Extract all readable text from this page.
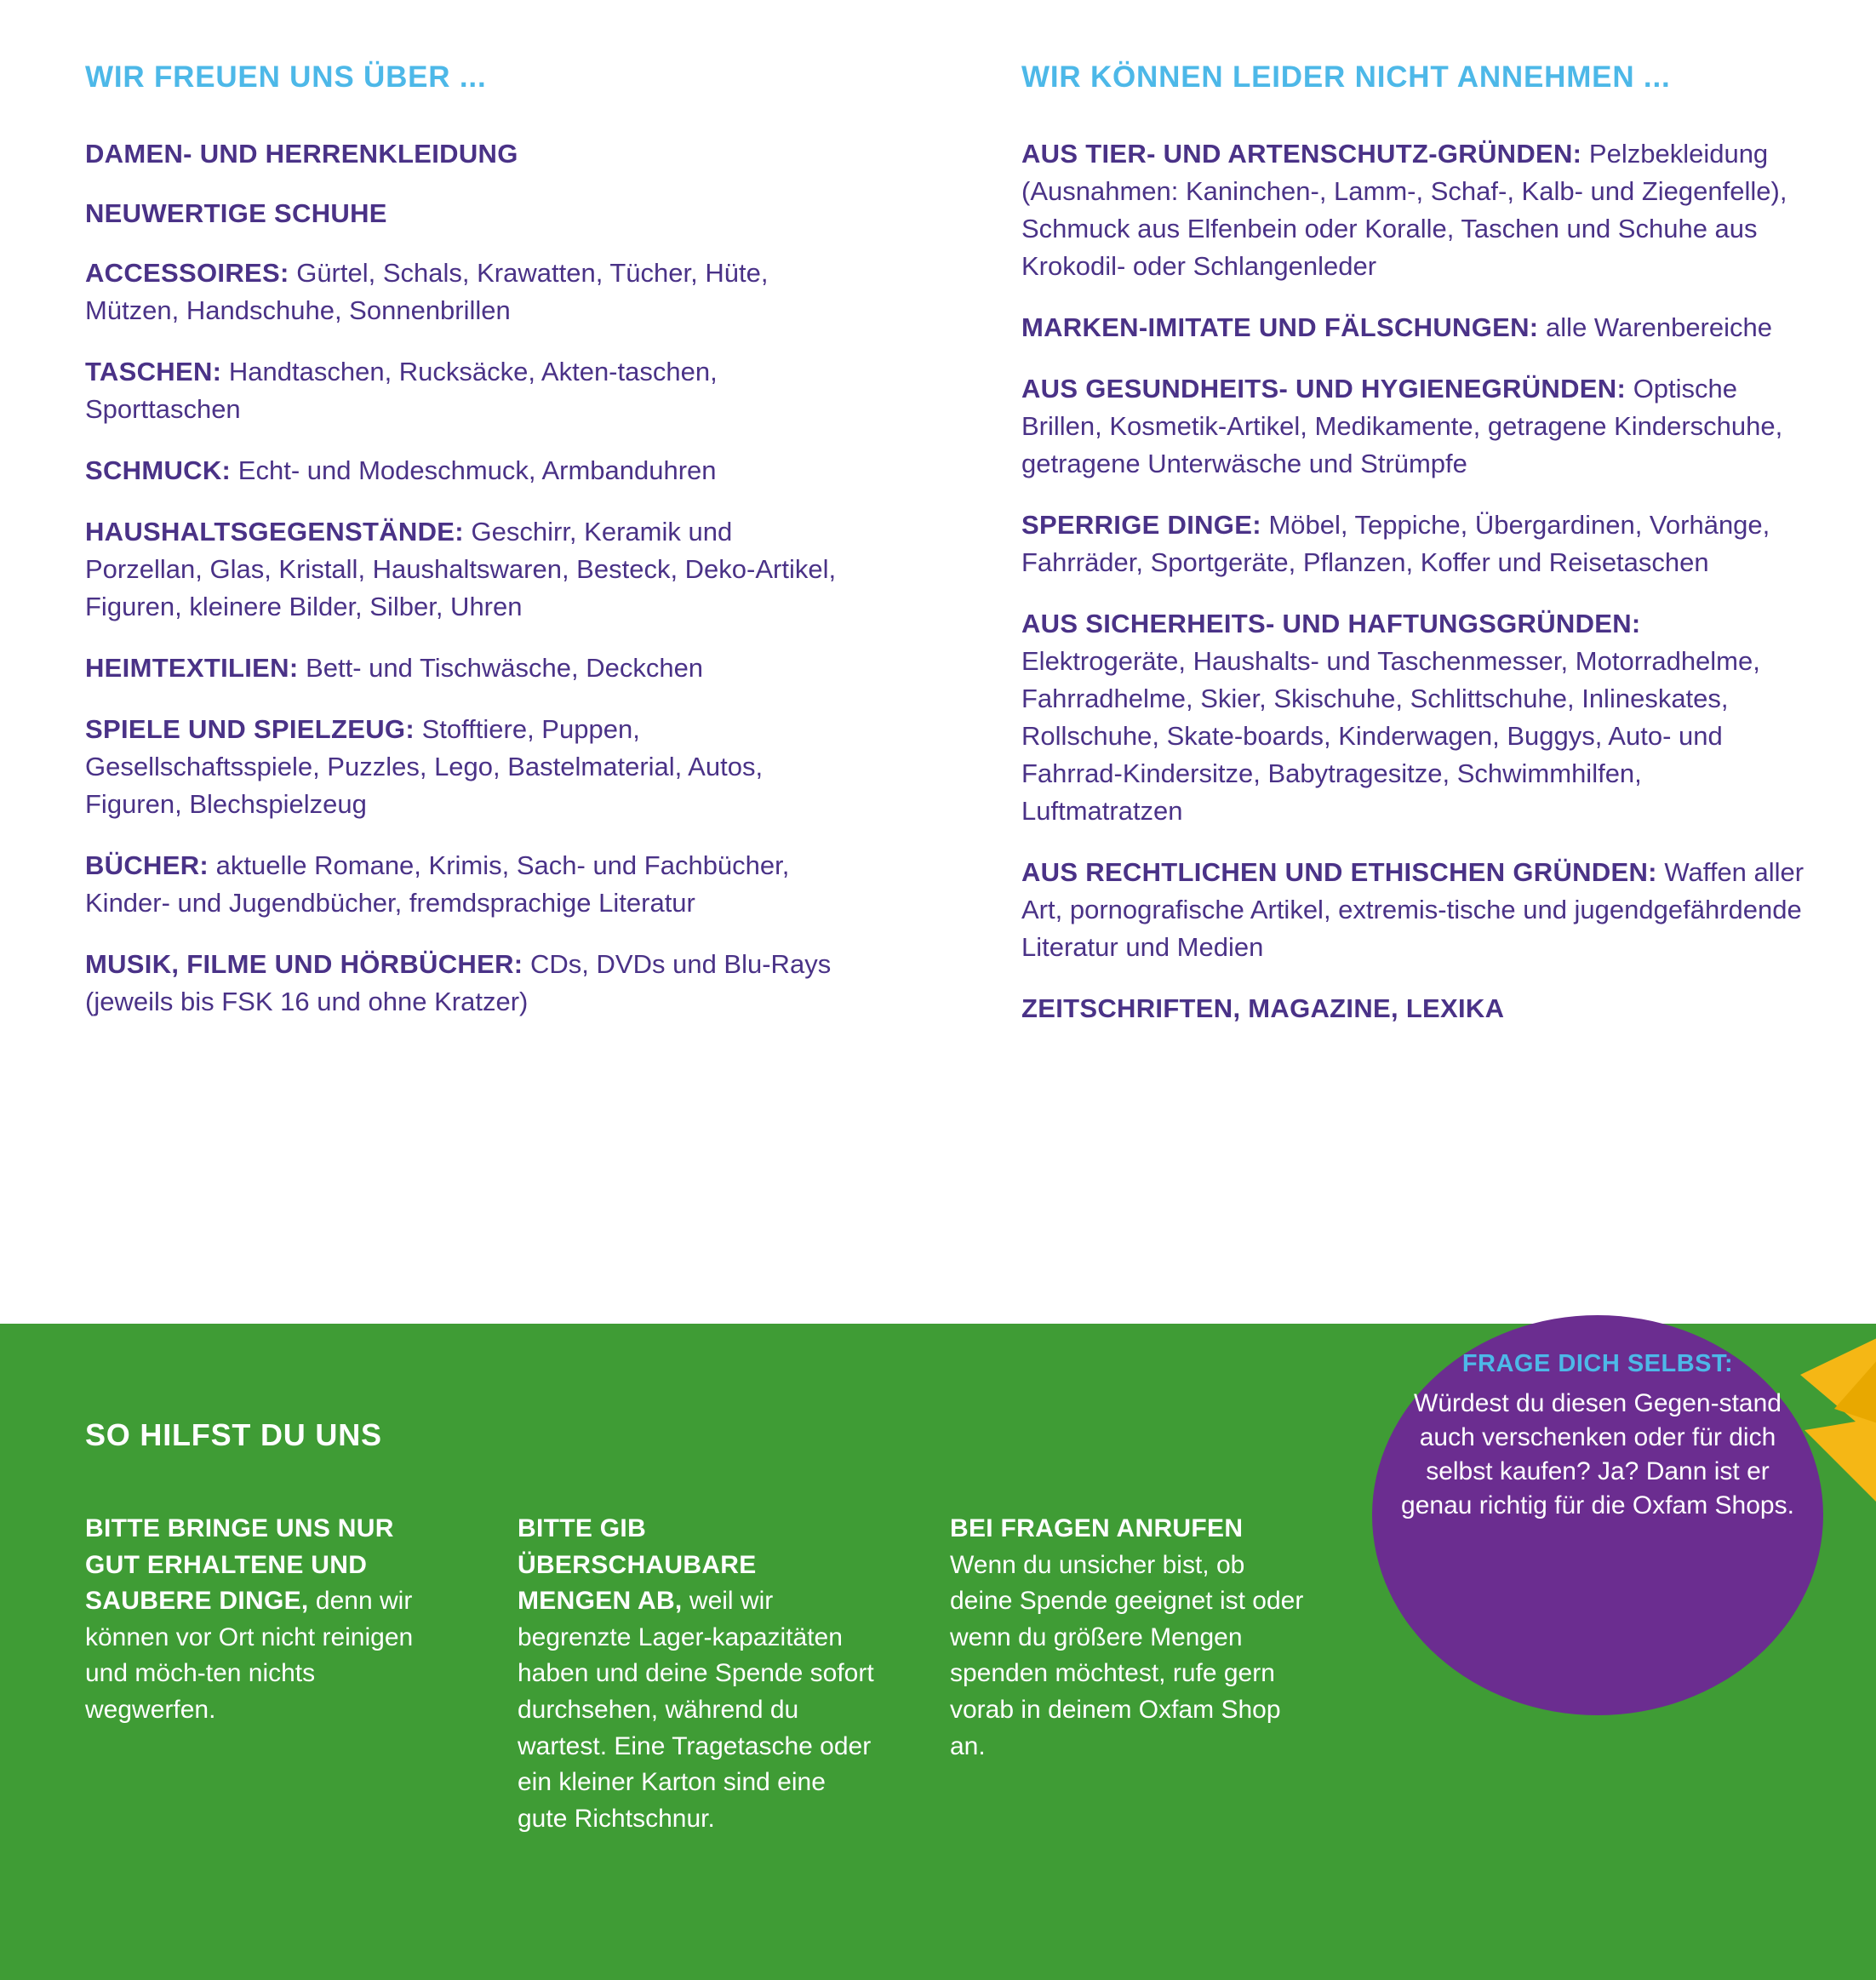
WIR FREUEN UNS ÜBER ...

DAMEN- UND HERRENKLEIDUNG

NEUWERTIGE SCHUHE

ACCESSOIRES: Gürtel, Schals, Krawatten, Tücher, Hüte, Mützen, Handschuhe, Sonnenbrillen

TASCHEN: Handtaschen, Rucksäcke, Akten-taschen, Sporttaschen

SCHMUCK: Echt- und Modeschmuck, Armbanduhren

HAUSHALTSGEGENSTÄNDE: Geschirr, Keramik und Porzellan, Glas, Kristall, Haushaltswaren, Besteck, Deko-Artikel, Figuren, kleinere Bilder, Silber, Uhren

HEIMTEXTILIEN: Bett- und Tischwäsche, Deckchen

SPIELE UND SPIELZEUG: Stofftiere, Puppen, Gesellschaftsspiele, Puzzles, Lego, Bastelmaterial, Autos, Figuren, Blechspielzeug

BÜCHER: aktuelle Romane, Krimis, Sach- und Fachbücher, Kinder- und Jugendbücher, fremdsprachige Literatur

MUSIK, FILME UND HÖRBÜCHER: CDs, DVDs und Blu-Rays (jeweils bis FSK 16 und ohne Kratzer)

WIR KÖNNEN LEIDER NICHT ANNEHMEN ...

AUS TIER- UND ARTENSCHUTZ-GRÜNDEN: Pelzbekleidung (Ausnahmen: Kaninchen-, Lamm-, Schaf-, Kalb- und Ziegenfelle), Schmuck aus Elfenbein oder Koralle, Taschen und Schuhe aus Krokodil- oder Schlangenleder

MARKEN-IMITATE UND FÄLSCHUNGEN: alle Warenbereiche

AUS GESUNDHEITS- UND HYGIENEGRÜNDEN: Optische Brillen, Kosmetik-Artikel, Medikamente, getragene Kinderschuhe, getragene Unterwäsche und Strümpfe

SPERRIGE DINGE: Möbel, Teppiche, Übergardinen, Vorhänge, Fahrräder, Sportgeräte, Pflanzen, Koffer und Reisetaschen

AUS SICHERHEITS- UND HAFTUNGSGRÜNDEN: Elektrogeräte, Haushalts- und Taschenmesser, Motorradhelme, Fahrradhelme, Skier, Skischuhe, Schlittschuhe, Inlineskates, Rollschuhe, Skate-boards, Kinderwagen, Buggys, Auto- und Fahrrad-Kindersitze, Babytragesitze, Schwimmhilfen, Luftmatratzen

AUS RECHTLICHEN UND ETHISCHEN GRÜNDEN: Waffen aller Art, pornografische Artikel, extremis-tische und jugendgefährdende Literatur und Medien

ZEITSCHRIFTEN, MAGAZINE, LEXIKA

SO HILFST DU UNS
BITTE BRINGE UNS NUR GUT ERHALTENE UND SAUBERE DINGE, denn wir können vor Ort nicht reinigen und möch-ten nichts wegwerfen.
BITTE GIB ÜBERSCHAUBARE MENGEN AB, weil wir begrenzte Lager-kapazitäten haben und deine Spende sofort durchsehen, während du wartest. Eine Tragetasche oder ein kleiner Karton sind eine gute Richtschnur.
BEI FRAGEN ANRUFEN Wenn du unsicher bist, ob deine Spende geeignet ist oder wenn du größere Mengen spenden möchtest, rufe gern vorab in deinem Oxfam Shop an.
FRAGE DICH SELBST:
Würdest du diesen Gegen-stand auch verschenken oder für dich selbst kaufen? Ja? Dann ist er genau richtig für die Oxfam Shops.
